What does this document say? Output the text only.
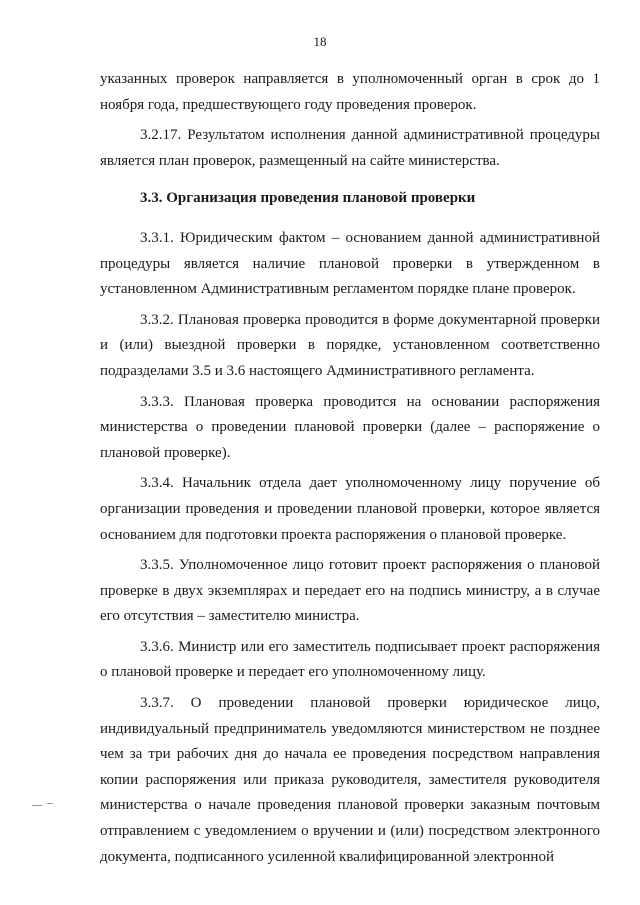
18

указанных проверок направляется в уполномоченный орган в срок до 1 ноября года, предшествующего году проведения проверок.

3.2.17. Результатом исполнения данной административной процедуры является план проверок, размещенный на сайте министерства.

3.3. Организация проведения плановой проверки

3.3.1. Юридическим фактом – основанием данной административной процедуры является наличие плановой проверки в утвержденном в установленном Административным регламентом порядке плане проверок.

3.3.2. Плановая проверка проводится в форме документарной проверки и (или) выездной проверки в порядке, установленном соответственно подразделами 3.5 и 3.6 настоящего Административного регламента.

3.3.3. Плановая проверка проводится на основании распоряжения министерства о проведении плановой проверки (далее – распоряжение о плановой проверке).

3.3.4. Начальник отдела дает уполномоченному лицу поручение об организации проведения и проведении плановой проверки, которое является основанием для подготовки проекта распоряжения о плановой проверке.

3.3.5. Уполномоченное лицо готовит проект распоряжения о плановой проверке в двух экземплярах и передает его на подпись министру, а в случае его отсутствия – заместителю министра.

3.3.6. Министр или его заместитель подписывает проект распоряжения о плановой проверке и передает его уполномоченному лицу.

3.3.7. О проведении плановой проверки юридическое лицо, индивидуальный предприниматель уведомляются министерством не позднее чем за три рабочих дня до начала ее проведения посредством направления копии распоряжения или приказа руководителя, заместителя руководителя министерства о начале проведения плановой проверки заказным почтовым отправлением с уведомлением о вручении и (или) посредством электронного документа, подписанного усиленной квалифицированной электронной
